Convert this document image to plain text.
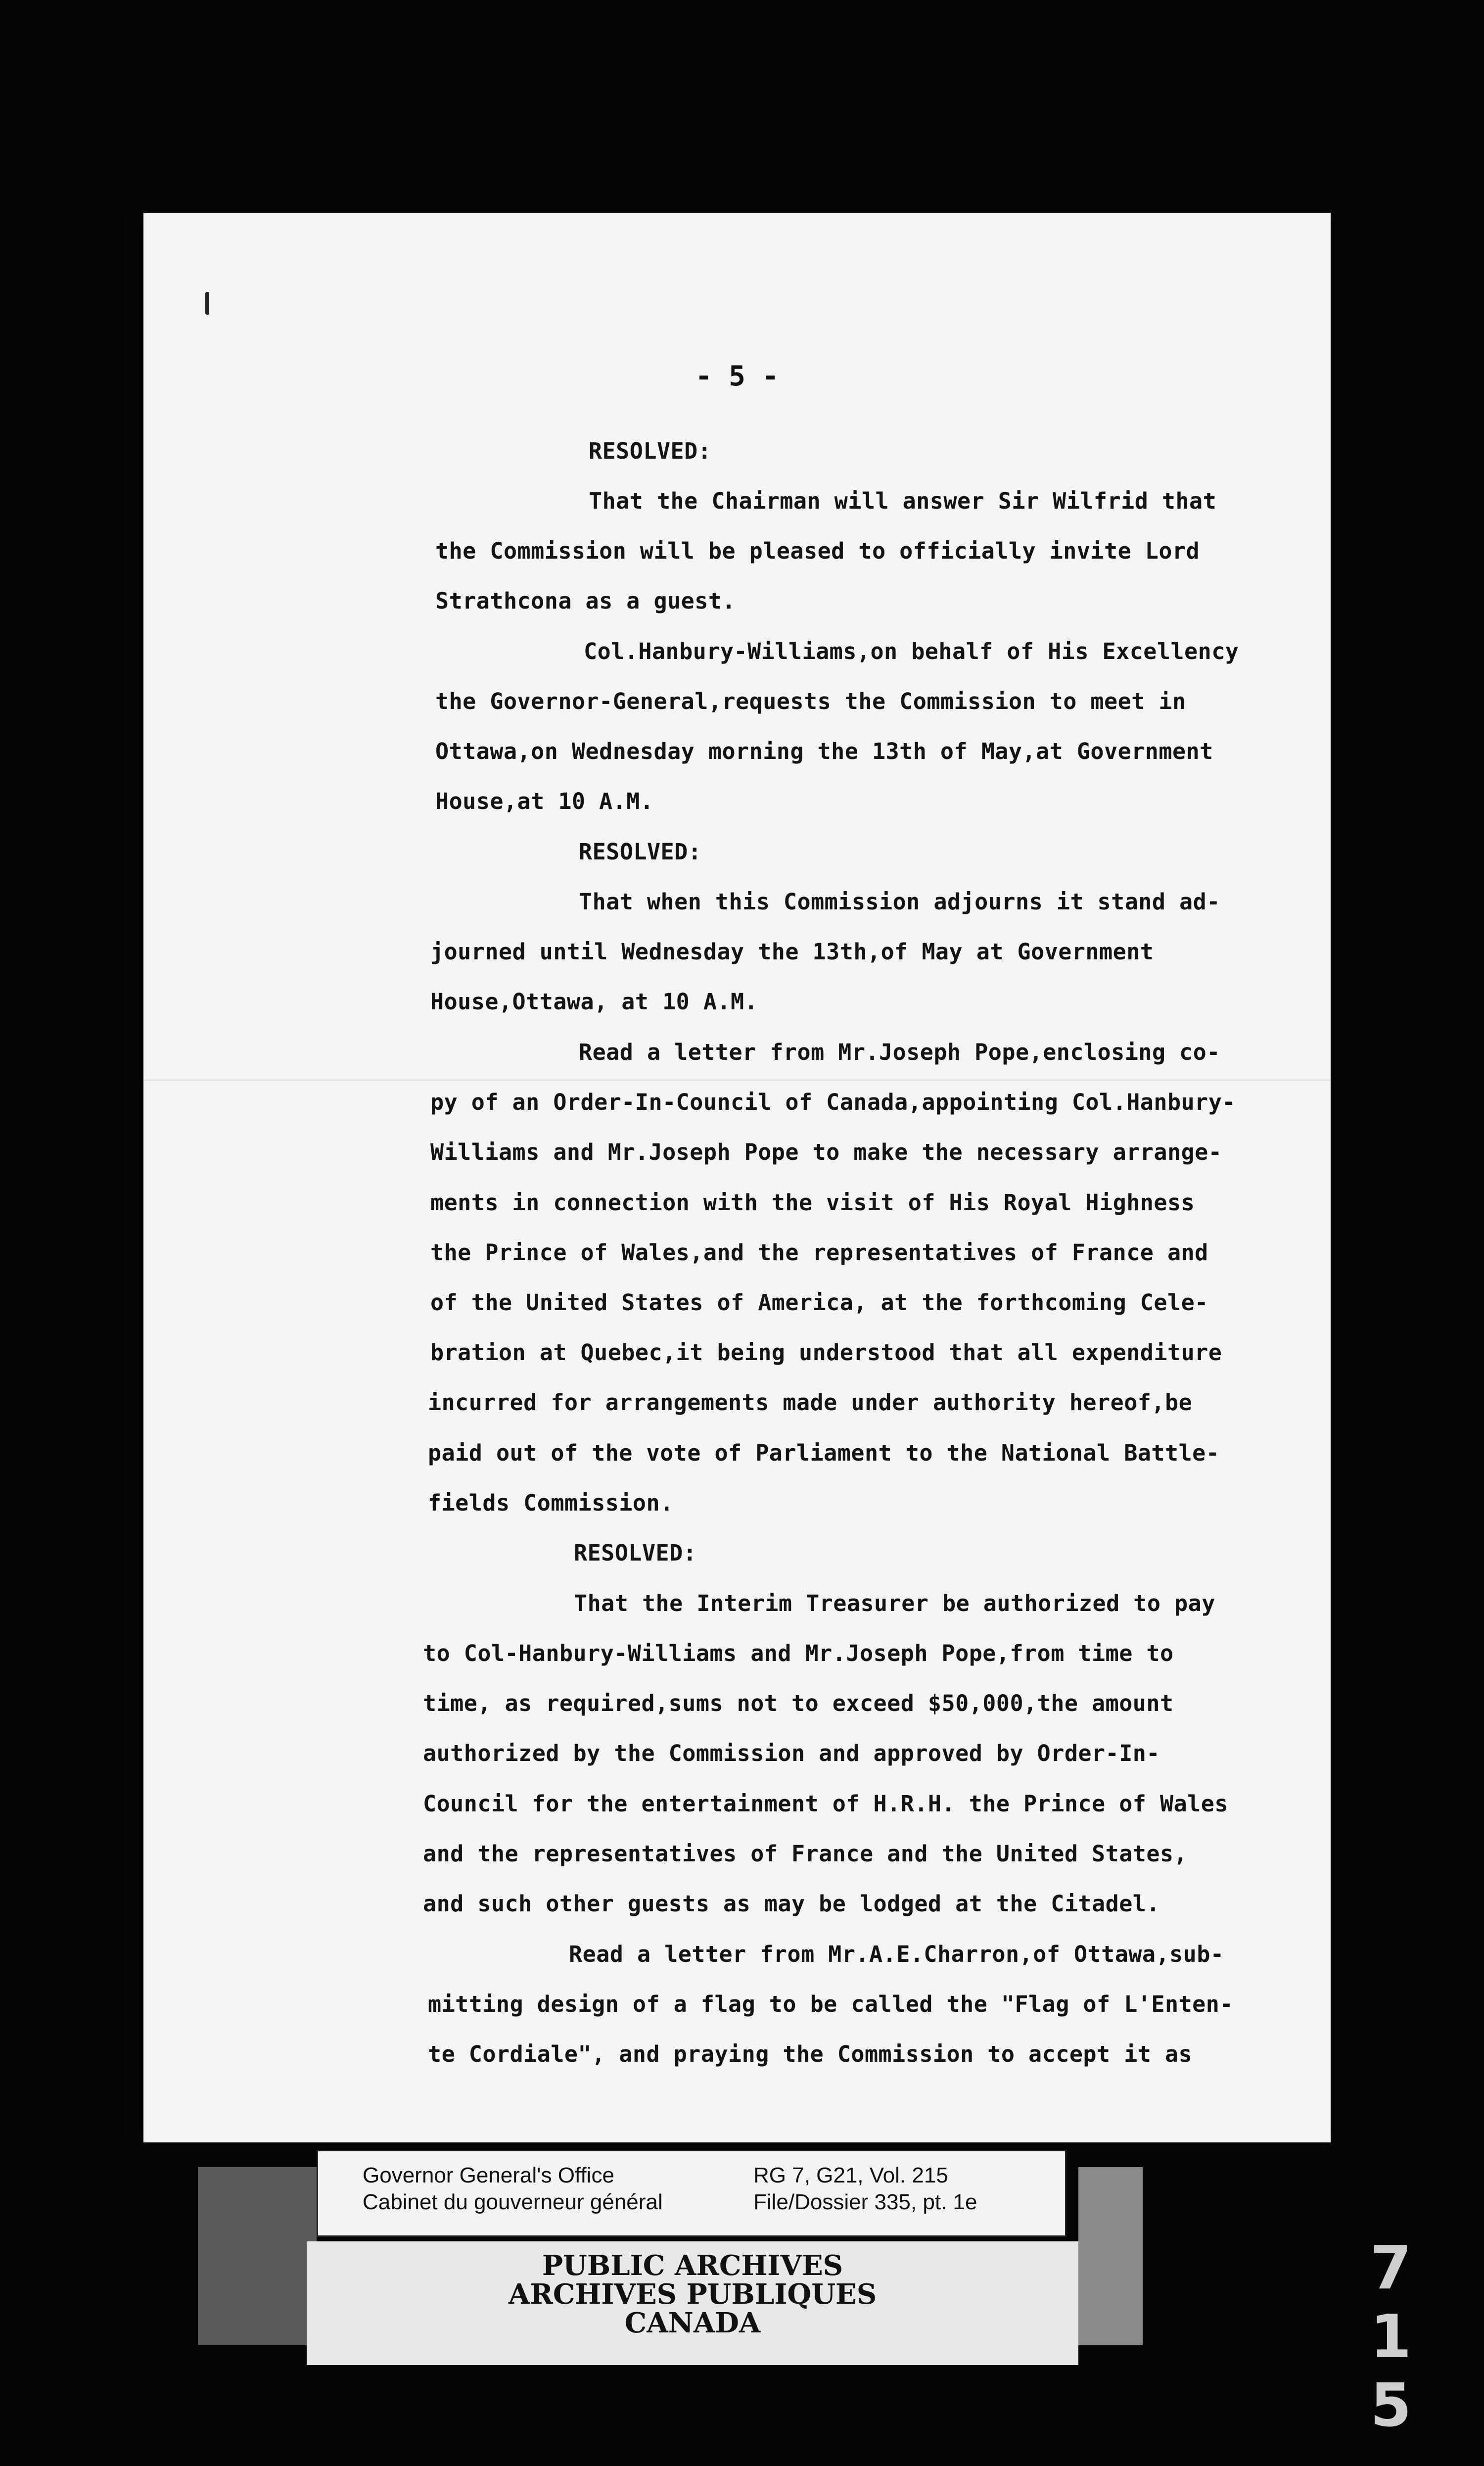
- 5 -
RESOLVED:
That the Chairman will answer Sir Wilfrid that
the Commission will be pleased to officially invite Lord
Strathcona as a guest.
Col.Hanbury-Williams,on behalf of His Excellency
the Governor-General,requests the Commission to meet in
Ottawa,on Wednesday morning the 13th of May,at Government
House,at 10 A.M.
RESOLVED:
That when this Commission adjourns it stand ad-
journed until Wednesday the 13th,of May at Government
House,Ottawa, at 10 A.M.
Read a letter from Mr.Joseph Pope,enclosing co-
py of an Order-In-Council of Canada,appointing Col.Hanbury-
Williams and Mr.Joseph Pope to make the necessary arrange-
ments in connection with the visit of His Royal Highness
the Prince of Wales,and the representatives of France and
of the United States of America, at the forthcoming Cele-
bration at Quebec,it being understood that all expenditure
incurred for arrangements made under authority hereof,be
paid out of the vote of Parliament to the National Battle-
fields Commission.
RESOLVED:
That the Interim Treasurer be authorized to pay
to Col-Hanbury-Williams and Mr.Joseph Pope,from time to
time, as required,sums not to exceed $50,000,the amount
authorized by the Commission and approved by Order-In-
Council for the entertainment of H.R.H. the Prince of Wales
and the representatives of France and the United States,
and such other guests as may be lodged at the Citadel.
Read a letter from Mr.A.E.Charron,of Ottawa,sub-
mitting design of a flag to be called the "Flag of L'Enten-
te Cordiale", and praying the Commission to accept it as
Governor General's Office
Cabinet du gouverneur général
RG 7, G21, Vol. 215
File/Dossier 335, pt. 1e
PUBLIC ARCHIVES
ARCHIVES PUBLIQUES
CANADA
7 1 5
